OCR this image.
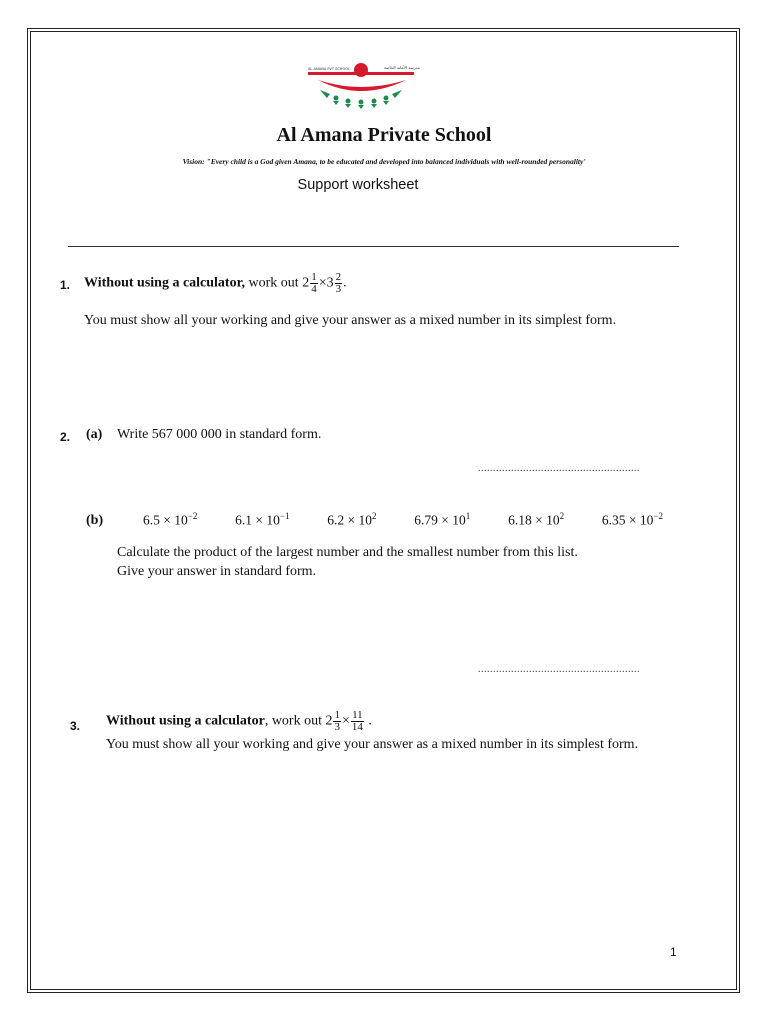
AL AMANA PVT SCHOOL	مدرسة الأمانة الخاصة
Al Amana Private School
Vision: "Every child is a God given Amana, to be educated and developed into balanced individuals with well-rounded personality'
Support worksheet
1. Without using a calculator, work out $2 \frac{1}{4} \times 3 \frac{2}{3}$ .
You must show all your working and give your answer as a mixed number in its simplest form.
2. (a) Write 567 000 000 in standard form.
......................................................
(b)	$6.5 \times 10^{-2}$	$6.1 \times 10^{-1}$	$6.2 \times 10^2$	$6.79 \times 10^1$	$6.18 \times 10^2$	$6.35 \times 10^{-2}$
Calculate the product of the largest number and the smallest number from this list.
Give your answer in standard form.
......................................................
3. Without using a calculator, work out $2 \frac{1}{3} \times \frac{11}{14}$ .
You must show all your working and give your answer as a mixed number in its simplest form.
1
